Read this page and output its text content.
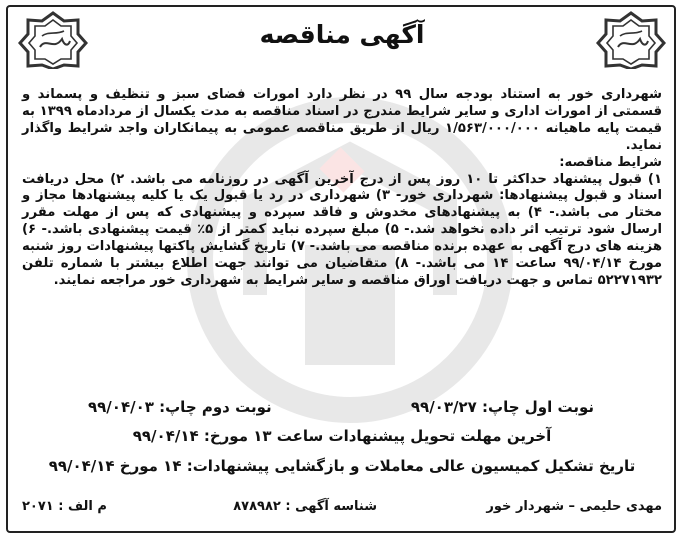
آگهی مناقصه

شهرداری خور به استناد بودجه سال ۹۹ در نظر دارد امورات فضای سبز و تنظیف و پسماند و قسمتی از امورات اداری و سایر شرایط مندرج در اسناد مناقصه به مدت یکسال از مردادماه ۱۳۹۹ به قیمت پایه ماهیانه ۱/۵۶۳/۰۰۰/۰۰۰ ریال از طریق مناقصه عمومی به پیمانکاران واجد شرایط واگذار نماید.

شرایط مناقصه:

۱) قبول پیشنهاد حداکثر تا ۱۰ روز پس از درج آخرین آگهی در روزنامه می باشد. ۲) محل دریافت اسناد و قبول پیشنهادها: شهرداری خور- ۳) شهرداری در رد یا قبول یک یا کلیه پیشنهادها مجاز و مختار می باشد.- ۴) به پیشنهادهای مخدوش و فاقد سپرده و پیشنهادی که پس از مهلت مقرر ارسال شود ترتیب اثر داده نخواهد شد.- ۵) مبلغ سپرده نباید کمتر از ۵٪ قیمت پیشنهادی باشد.- ۶) هزینه های درج آگهی به عهده برنده مناقصه می باشد.- ۷) تاریخ گشایش پاکتها پیشنهادات روز شنبه مورخ ۹۹/۰۴/۱۴ ساعت ۱۴ می باشد.- ۸) متقاضیان می توانند جهت اطلاع بیشتر با شماره تلفن ۵۲۲۷۱۹۳۲ تماس و جهت دریافت اوراق مناقصه و سایر شرایط به شهرداری خور مراجعه نمایند.

نوبت اول چاپ: ۹۹/۰۳/۲۷
نوبت دوم چاپ: ۹۹/۰۴/۰۳
آخرین مهلت تحویل پیشنهادات ساعت ۱۳ مورخ: ۹۹/۰۴/۱۴
تاریخ تشکیل کمیسیون عالی معاملات و بازگشایی پیشنهادات: ۱۴ مورخ ۹۹/۰۴/۱۴
مهدی حلیمی – شهردار خور
شناسه آگهی : ۸۷۸۹۸۲
م الف : ۲۰۷۱
